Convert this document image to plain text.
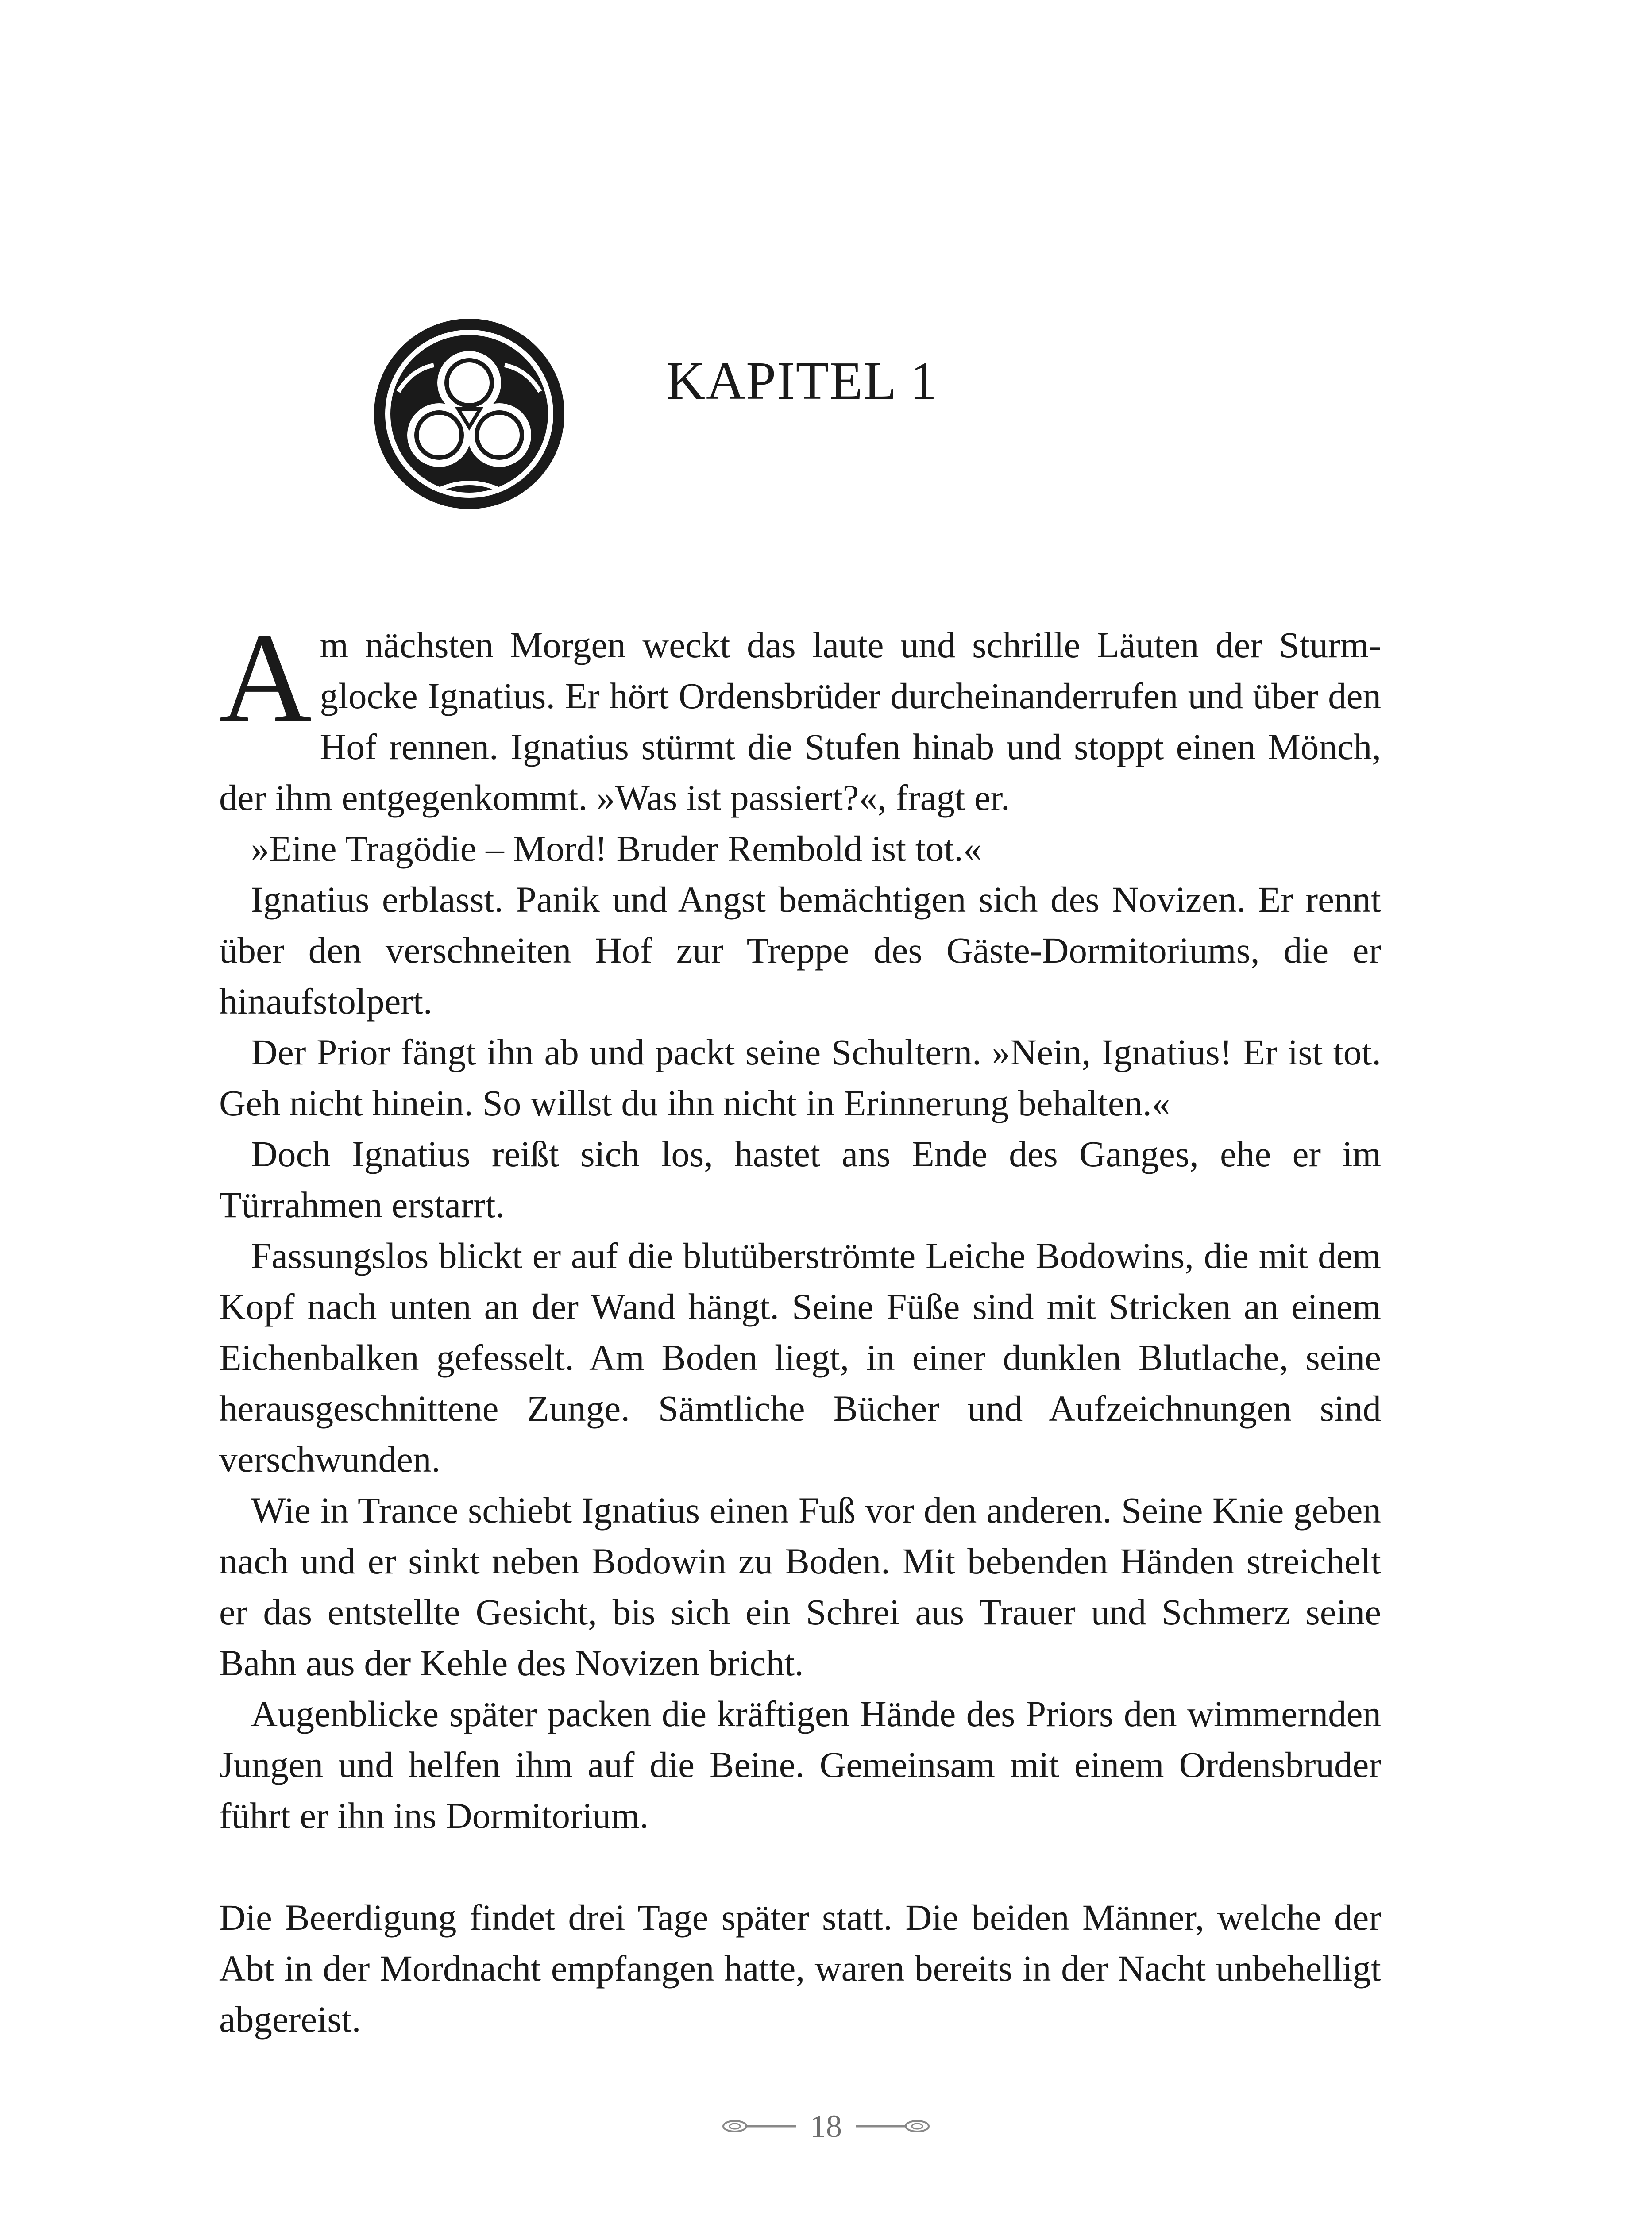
KAPITEL 1

Am nächsten Morgen weckt das laute und schrille Läuten der Sturmglocke Ignatius. Er hört Ordensbrüder durcheinanderrufen und über den Hof rennen. Ignatius stürmt die Stufen hinab und stoppt einen Mönch, der ihm entgegenkommt. »Was ist passiert?«, fragt er.

»Eine Tragödie – Mord! Bruder Rembold ist tot.«

Ignatius erblasst. Panik und Angst bemächtigen sich des Novizen. Er rennt über den verschneiten Hof zur Treppe des Gäste-Dormitoriums, die er hinaufstolpert.

Der Prior fängt ihn ab und packt seine Schultern. »Nein, Ignatius! Er ist tot. Geh nicht hinein. So willst du ihn nicht in Erinnerung behalten.«

Doch Ignatius reißt sich los, hastet ans Ende des Ganges, ehe er im Türrahmen erstarrt.

Fassungslos blickt er auf die blutüberströmte Leiche Bodowins, die mit dem Kopf nach unten an der Wand hängt. Seine Füße sind mit Stricken an einem Eichenbalken gefesselt. Am Boden liegt, in einer dunklen Blutlache, seine herausgeschnittene Zunge. Sämtliche Bücher und Aufzeichnungen sind verschwunden.

Wie in Trance schiebt Ignatius einen Fuß vor den anderen. Seine Knie geben nach und er sinkt neben Bodowin zu Boden. Mit bebenden Händen streichelt er das entstellte Gesicht, bis sich ein Schrei aus Trauer und Schmerz seine Bahn aus der Kehle des Novizen bricht.

Augenblicke später packen die kräftigen Hände des Priors den wimmernden Jungen und helfen ihm auf die Beine. Gemeinsam mit einem Ordensbruder führt er ihn ins Dormitorium.

Die Beerdigung findet drei Tage später statt. Die beiden Männer, welche der Abt in der Mordnacht empfangen hatte, waren bereits in der Nacht unbehelligt abgereist.

18
